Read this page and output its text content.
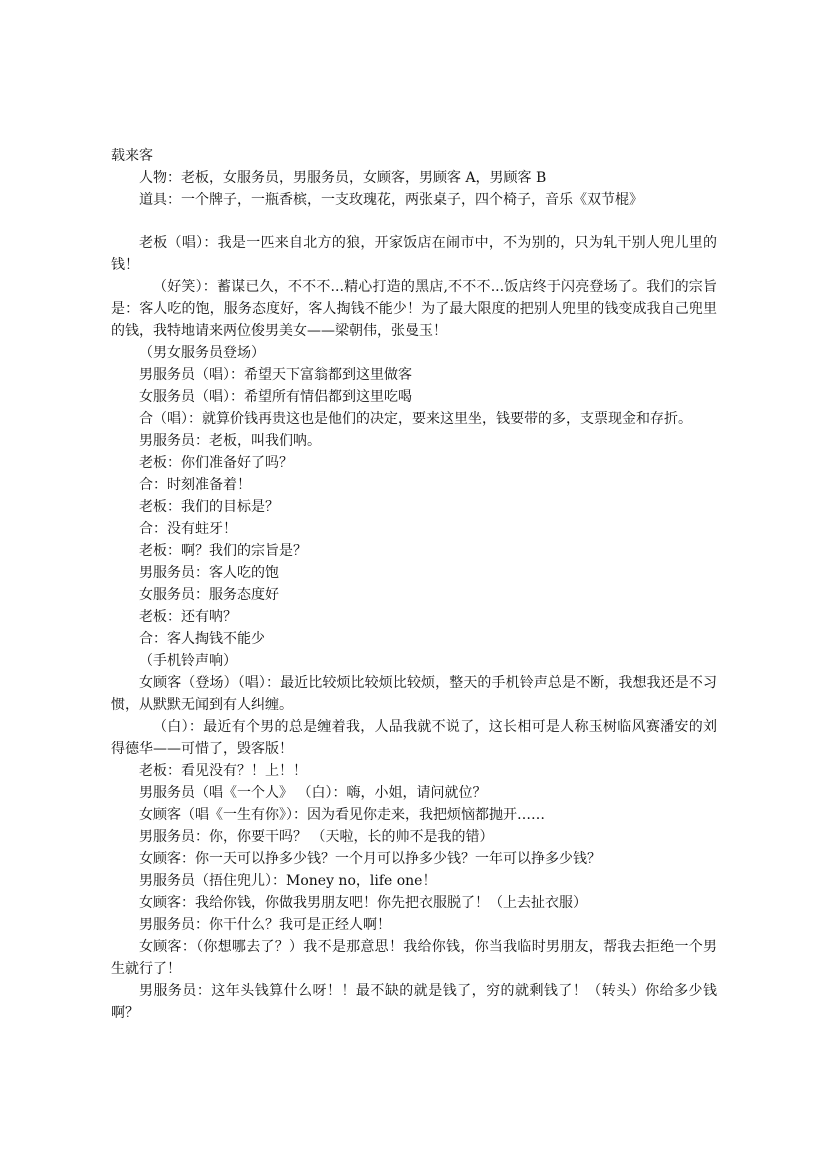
载来客
人物：老板，女服务员，男服务员，女顾客，男顾客 A，男顾客 B
道具：一个牌子，一瓶香槟，一支玫瑰花，两张桌子，四个椅子，音乐《双节棍》
老板（唱）：我是一匹来自北方的狼，开家饭店在闹市中，不为别的，只为轧干别人兜儿里的钱！
（好笑）：蓄谋已久，不不不...精心打造的黑店,不不不...饭店终于闪亮登场了。我们的宗旨是：客人吃的饱，服务态度好，客人掏钱不能少！为了最大限度的把别人兜里的钱变成我自己兜里的钱，我特地请来两位俊男美女——梁朝伟，张曼玉！
（男女服务员登场）
男服务员（唱）：希望天下富翁都到这里做客
女服务员（唱）：希望所有情侣都到这里吃喝
合（唱）：就算价钱再贵这也是他们的决定，要来这里坐，钱要带的多，支票现金和存折。
男服务员：老板，叫我们呐。
老板：你们准备好了吗？
合：时刻准备着！
老板：我们的目标是？
合：没有蛀牙！
老板：啊？我们的宗旨是？
男服务员：客人吃的饱
女服务员：服务态度好
老板：还有呐？
合：客人掏钱不能少
（手机铃声响）
女顾客（登场）（唱）：最近比较烦比较烦比较烦，整天的手机铃声总是不断，我想我还是不习惯，从默默无闻到有人纠缠。
（白）：最近有个男的总是缠着我，人品我就不说了，这长相可是人称玉树临风赛潘安的刘得德华——可惜了，毁客版！
老板：看见没有？！上！！
男服务员（唱《一个人》 （白）：嗨，小姐，请问就位？
女顾客（唱《一生有你》）：因为看见你走来，我把烦恼都抛开……
男服务员：你，你要干吗？ （天啦，长的帅不是我的错）
女顾客：你一天可以挣多少钱？一个月可以挣多少钱？一年可以挣多少钱？
男服务员（捂住兜儿）：Money no，life one！
女顾客：我给你钱，你做我男朋友吧！你先把衣服脱了！（上去扯衣服）
男服务员：你干什么？我可是正经人啊！
女顾客：（你想哪去了？）我不是那意思！我给你钱，你当我临时男朋友，帮我去拒绝一个男生就行了！
男服务员：这年头钱算什么呀！！最不缺的就是钱了，穷的就剩钱了！（转头）你给多少钱啊？
